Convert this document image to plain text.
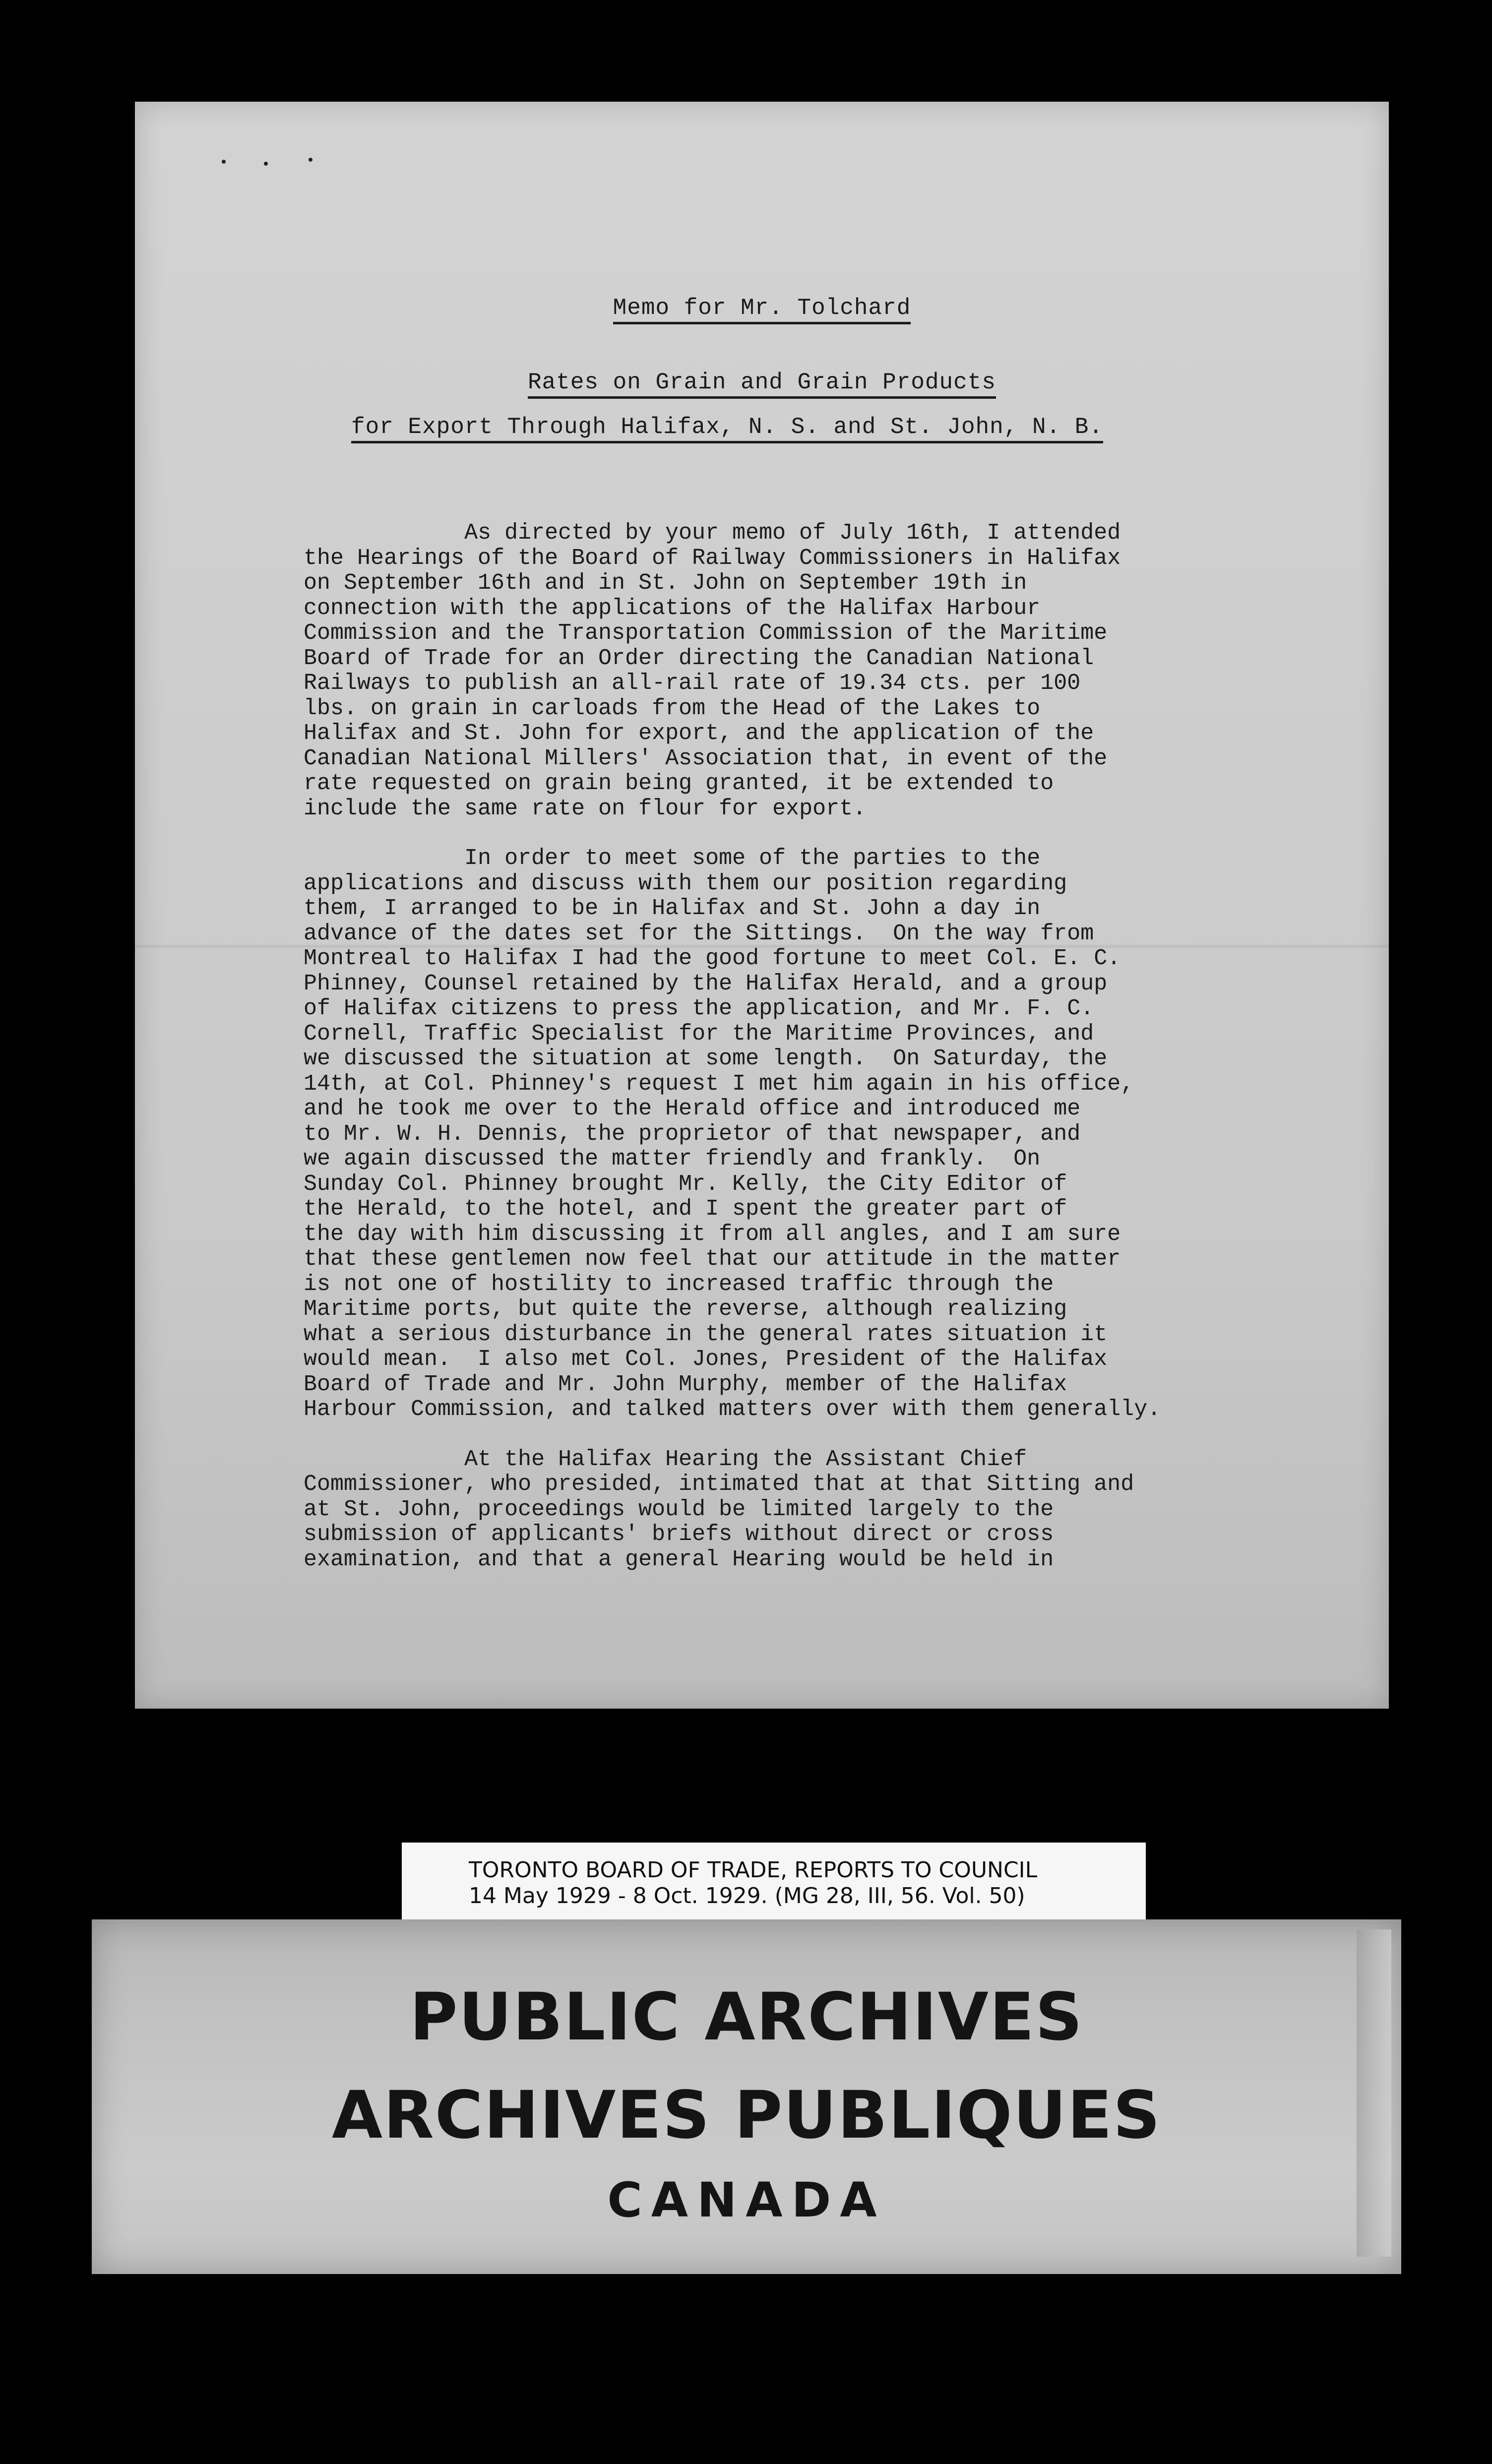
Memo for Mr. Tolchard
Rates on Grain and Grain Products
for Export Through Halifax, N. S. and St. John, N. B.

As directed by your memo of July 16th, I attended
the Hearings of the Board of Railway Commissioners in Halifax
on September 16th and in St. John on September 19th in
connection with the applications of the Halifax Harbour
Commission and the Transportation Commission of the Maritime
Board of Trade for an Order directing the Canadian National
Railways to publish an all-rail rate of 19.34 cts. per 100
lbs. on grain in carloads from the Head of the Lakes to
Halifax and St. John for export, and the application of the
Canadian National Millers' Association that, in event of the
rate requested on grain being granted, it be extended to
include the same rate on flour for export.

In order to meet some of the parties to the
applications and discuss with them our position regarding
them, I arranged to be in Halifax and St. John a day in
advance of the dates set for the Sittings.  On the way from
Montreal to Halifax I had the good fortune to meet Col. E. C.
Phinney, Counsel retained by the Halifax Herald, and a group
of Halifax citizens to press the application, and Mr. F. C.
Cornell, Traffic Specialist for the Maritime Provinces, and
we discussed the situation at some length.  On Saturday, the
14th, at Col. Phinney's request I met him again in his office,
and he took me over to the Herald office and introduced me
to Mr. W. H. Dennis, the proprietor of that newspaper, and
we again discussed the matter friendly and frankly.  On
Sunday Col. Phinney brought Mr. Kelly, the City Editor of
the Herald, to the hotel, and I spent the greater part of
the day with him discussing it from all angles, and I am sure
that these gentlemen now feel that our attitude in the matter
is not one of hostility to increased traffic through the
Maritime ports, but quite the reverse, although realizing
what a serious disturbance in the general rates situation it
would mean.  I also met Col. Jones, President of the Halifax
Board of Trade and Mr. John Murphy, member of the Halifax
Harbour Commission, and talked matters over with them generally.

At the Halifax Hearing the Assistant Chief
Commissioner, who presided, intimated that at that Sitting and
at St. John, proceedings would be limited largely to the
submission of applicants' briefs without direct or cross
examination, and that a general Hearing would be held in

TORONTO BOARD OF TRADE, REPORTS TO COUNCIL
14 May 1929 - 8 Oct. 1929. (MG 28, III, 56. Vol. 50)
PUBLIC ARCHIVES
ARCHIVES PUBLIQUES
CANADA
